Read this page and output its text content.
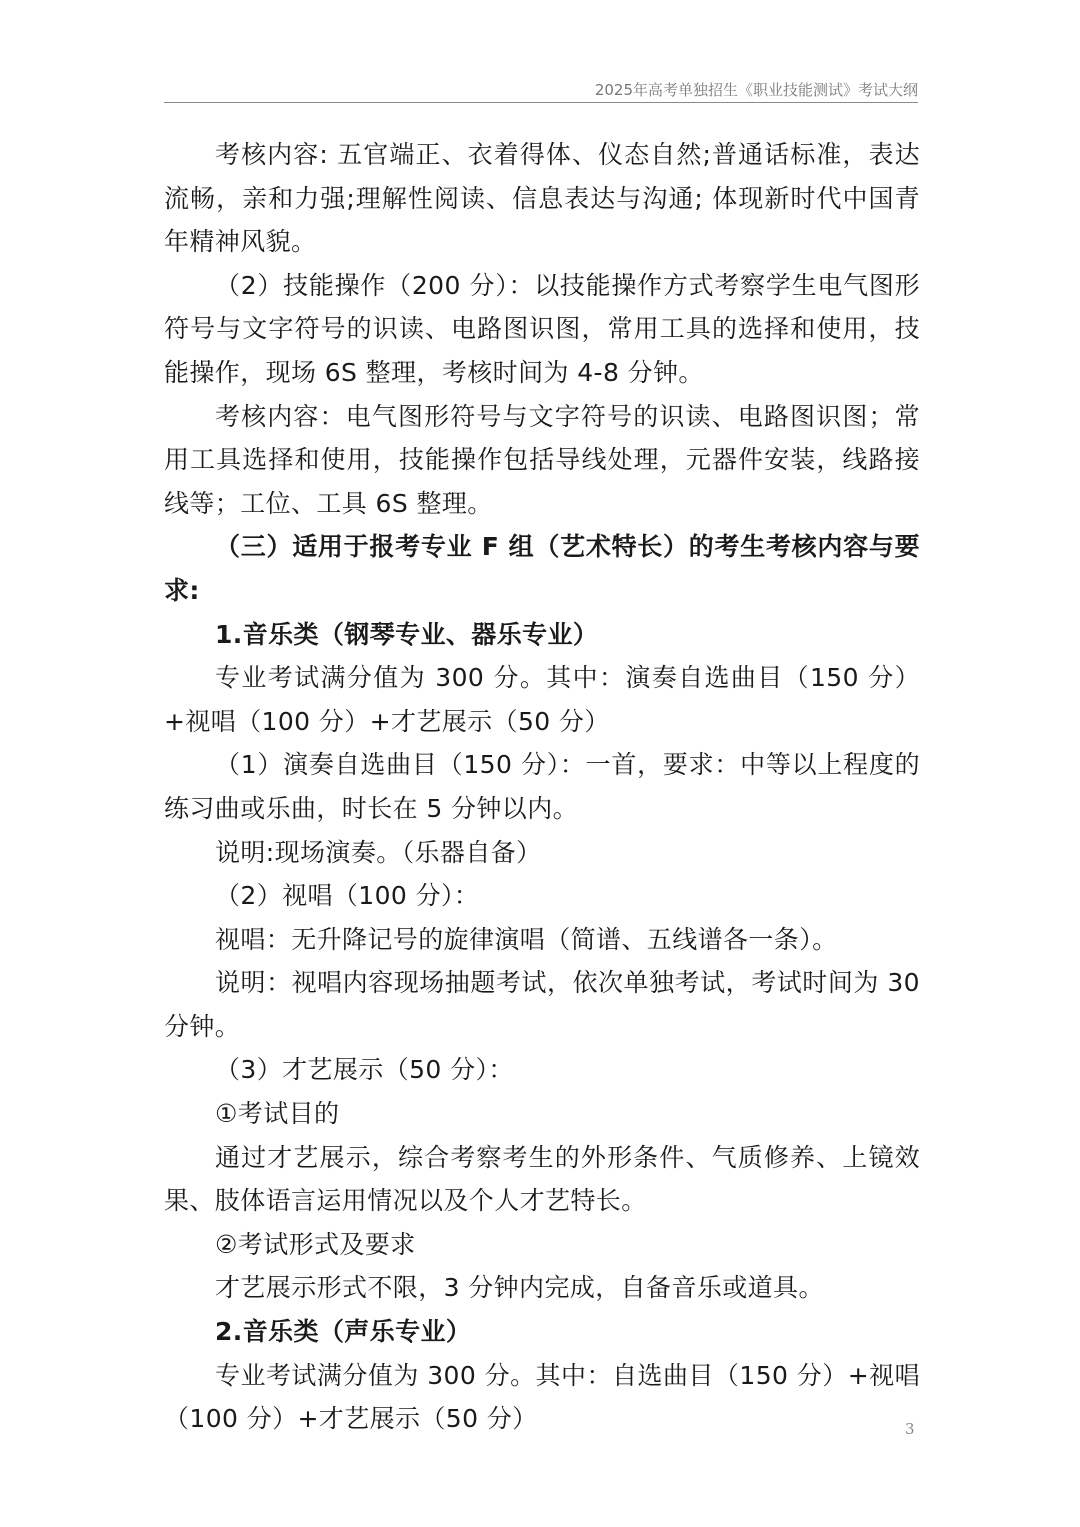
2025年高考单独招生《职业技能测试》考试大纲

考核内容: 五官端正、衣着得体、仪态自然;普通话标准，表达流畅，亲和力强;理解性阅读、信息表达与沟通; 体现新时代中国青年精神风貌。

（2）技能操作（200 分）：以技能操作方式考察学生电气图形符号与文字符号的识读、电路图识图，常用工具的选择和使用，技能操作，现场 6S 整理，考核时间为 4-8 分钟。

考核内容：电气图形符号与文字符号的识读、电路图识图；常用工具选择和使用，技能操作包括导线处理，元器件安装，线路接线等；工位、工具 6S 整理。

（三）适用于报考专业 F 组（艺术特长）的考生考核内容与要求:

1.音乐类（钢琴专业、器乐专业）

专业考试满分值为 300 分。其中：演奏自选曲目（150 分）+视唱（100 分）+才艺展示（50 分）

（1）演奏自选曲目（150 分）：一首，要求：中等以上程度的练习曲或乐曲，时长在 5 分钟以内。

说明:现场演奏。（乐器自备）

（2）视唱（100 分）：

视唱：无升降记号的旋律演唱（简谱、五线谱各一条）。

说明：视唱内容现场抽题考试，依次单独考试，考试时间为 30 分钟。

（3）才艺展示（50 分）：

①考试目的

通过才艺展示，综合考察考生的外形条件、气质修养、上镜效果、肢体语言运用情况以及个人才艺特长。

②考试形式及要求

才艺展示形式不限，3 分钟内完成，自备音乐或道具。

2.音乐类（声乐专业）

专业考试满分值为 300 分。其中：自选曲目（150 分）+视唱（100 分）+才艺展示（50 分）	3
